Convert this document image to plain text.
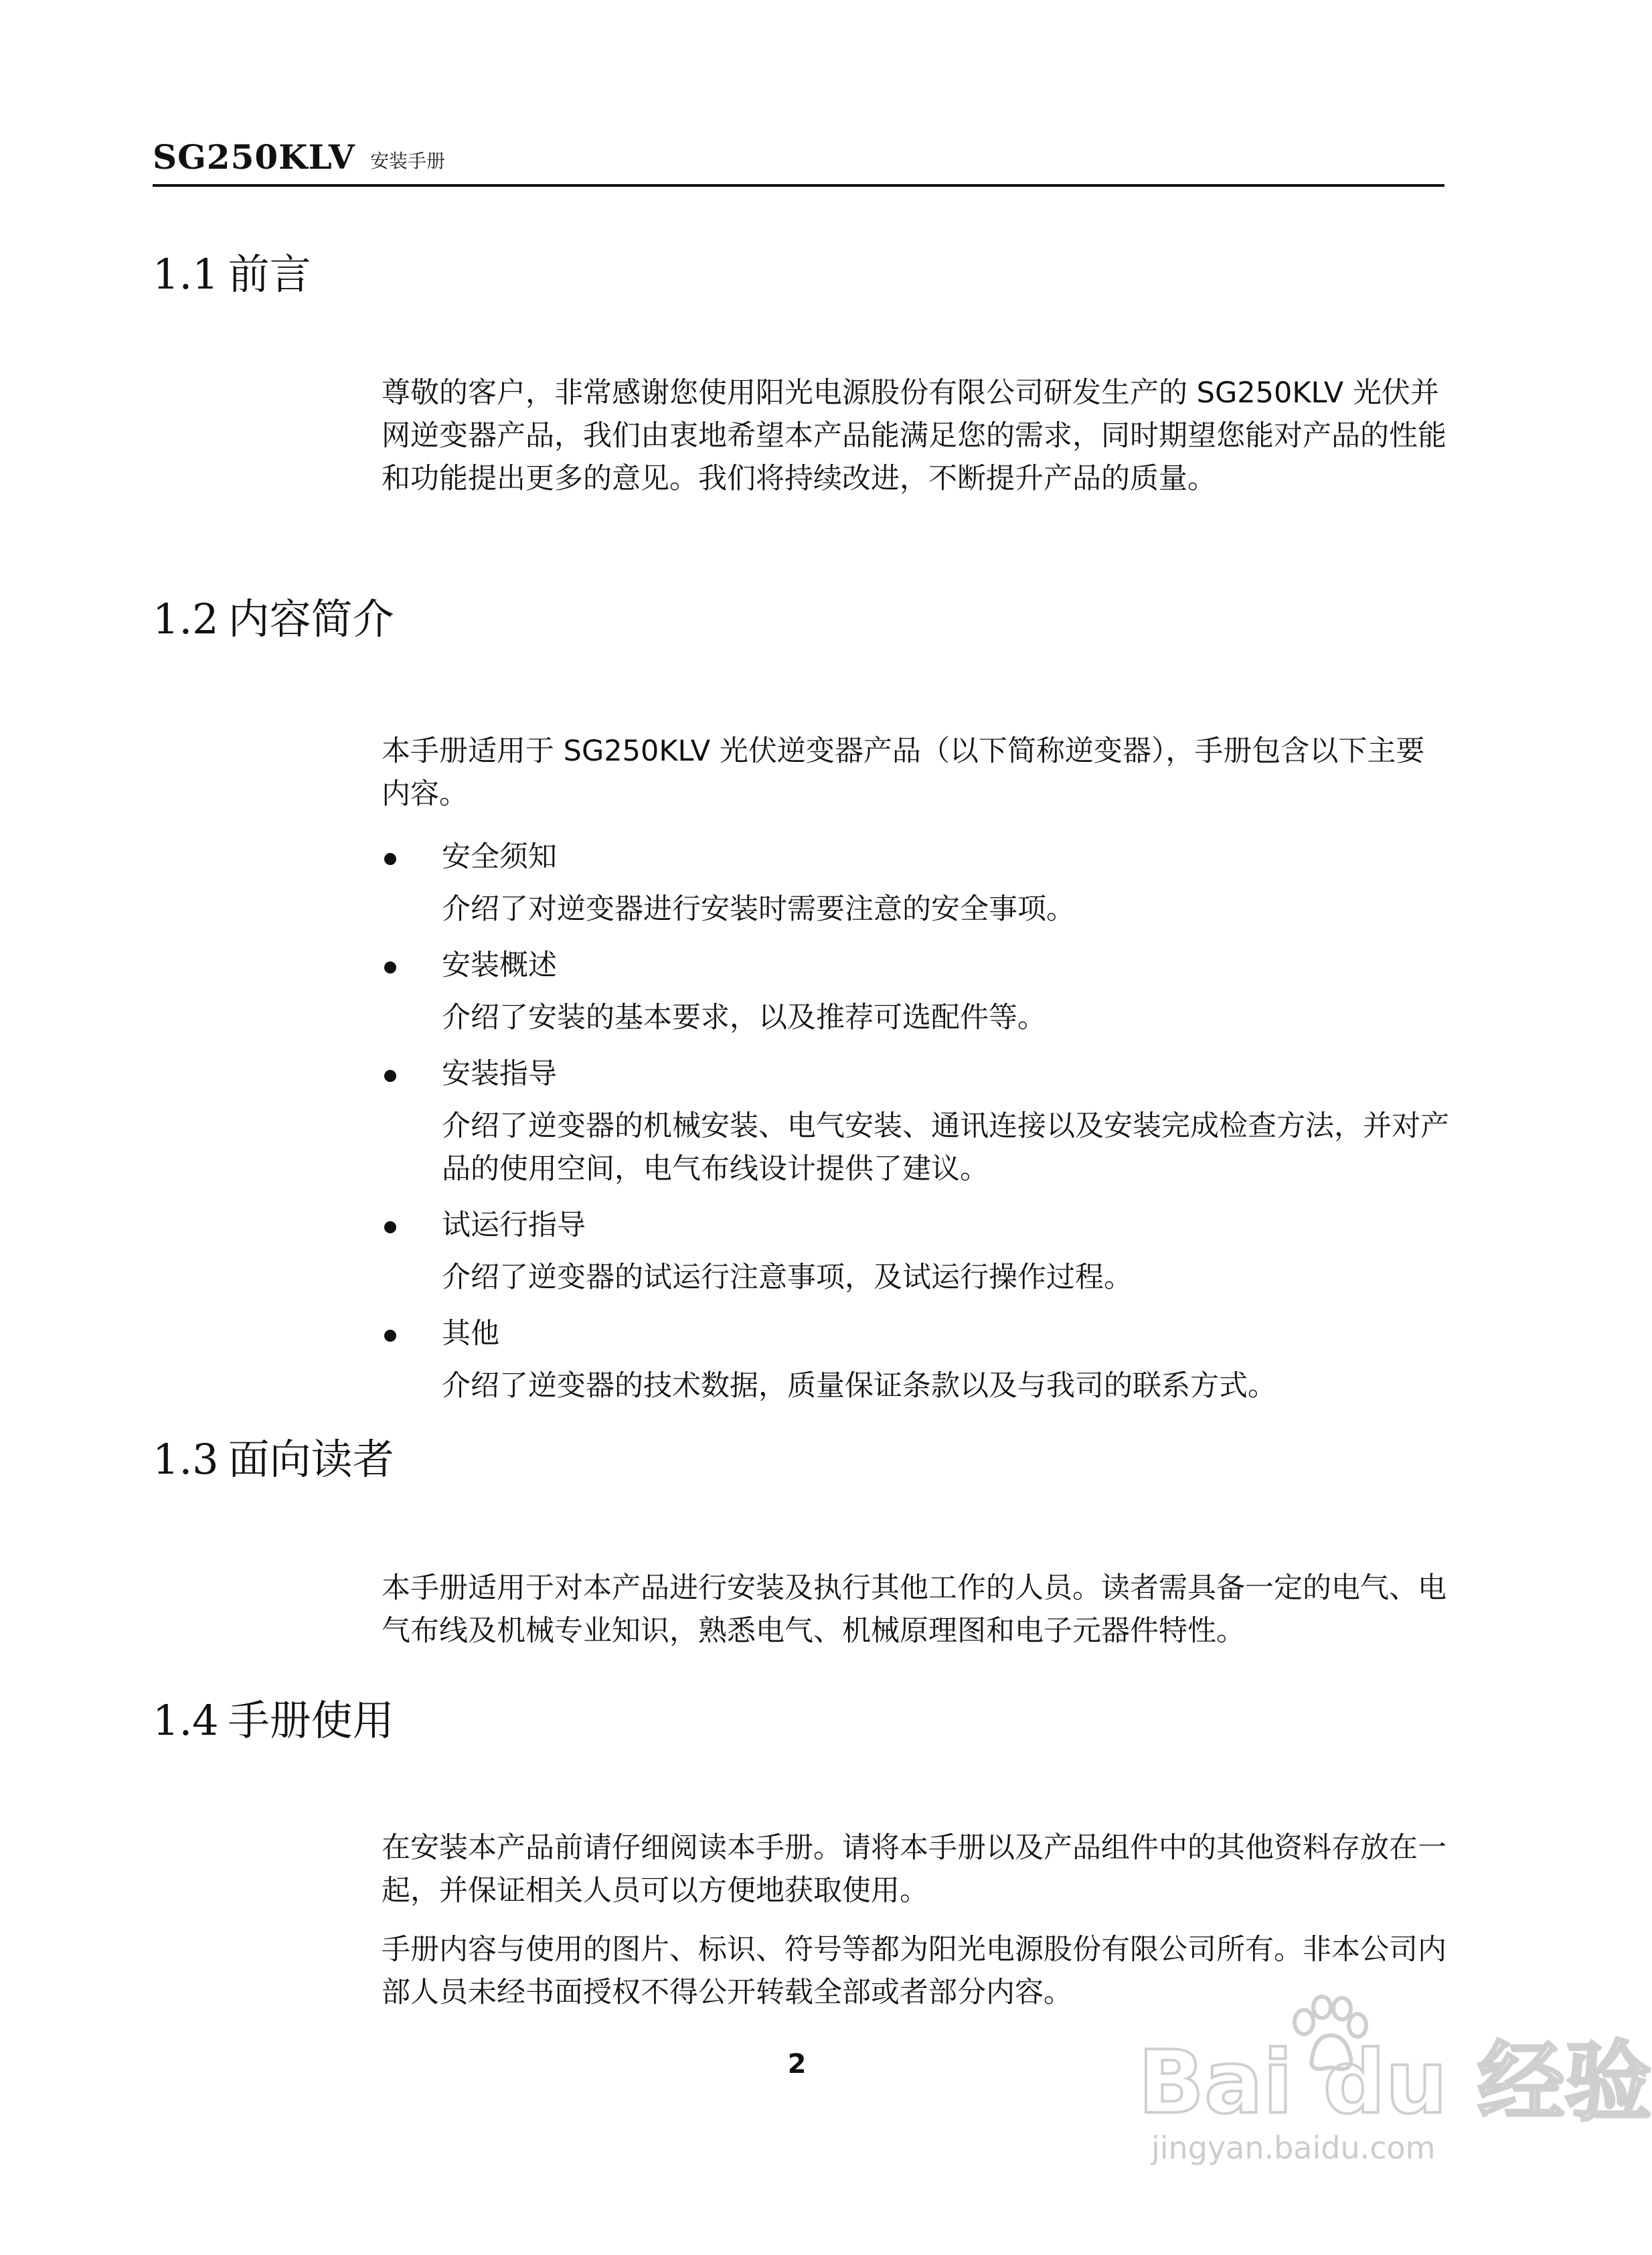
SG250KLV 安装手册
1.1 前言

尊敬的客户，非常感谢您使用阳光电源股份有限公司研发生产的 SG250KLV 光伏并网逆变器产品，我们由衷地希望本产品能满足您的需求，同时期望您能对产品的性能和功能提出更多的意见。我们将持续改进，不断提升产品的质量。

1.2 内容简介

本手册适用于 SG250KLV 光伏逆变器产品（以下简称逆变器），手册包含以下主要内容。

安全须知
介绍了对逆变器进行安装时需要注意的安全事项。
安装概述
介绍了安装的基本要求，以及推荐可选配件等。
安装指导
介绍了逆变器的机械安装、电气安装、通讯连接以及安装完成检查方法，并对产品的使用空间，电气布线设计提供了建议。
试运行指导
介绍了逆变器的试运行注意事项，及试运行操作过程。
其他
介绍了逆变器的技术数据，质量保证条款以及与我司的联系方式。
1.3 面向读者

本手册适用于对本产品进行安装及执行其他工作的人员。读者需具备一定的电气、电气布线及机械专业知识，熟悉电气、机械原理图和电子元器件特性。

1.4 手册使用

在安装本产品前请仔细阅读本手册。请将本手册以及产品组件中的其他资料存放在一起，并保证相关人员可以方便地获取使用。

手册内容与使用的图片、标识、符号等都为阳光电源股份有限公司所有。非本公司内部人员未经书面授权不得公开转载全部或者部分内容。

2	Bai du 经验
jingyan.baidu.com
